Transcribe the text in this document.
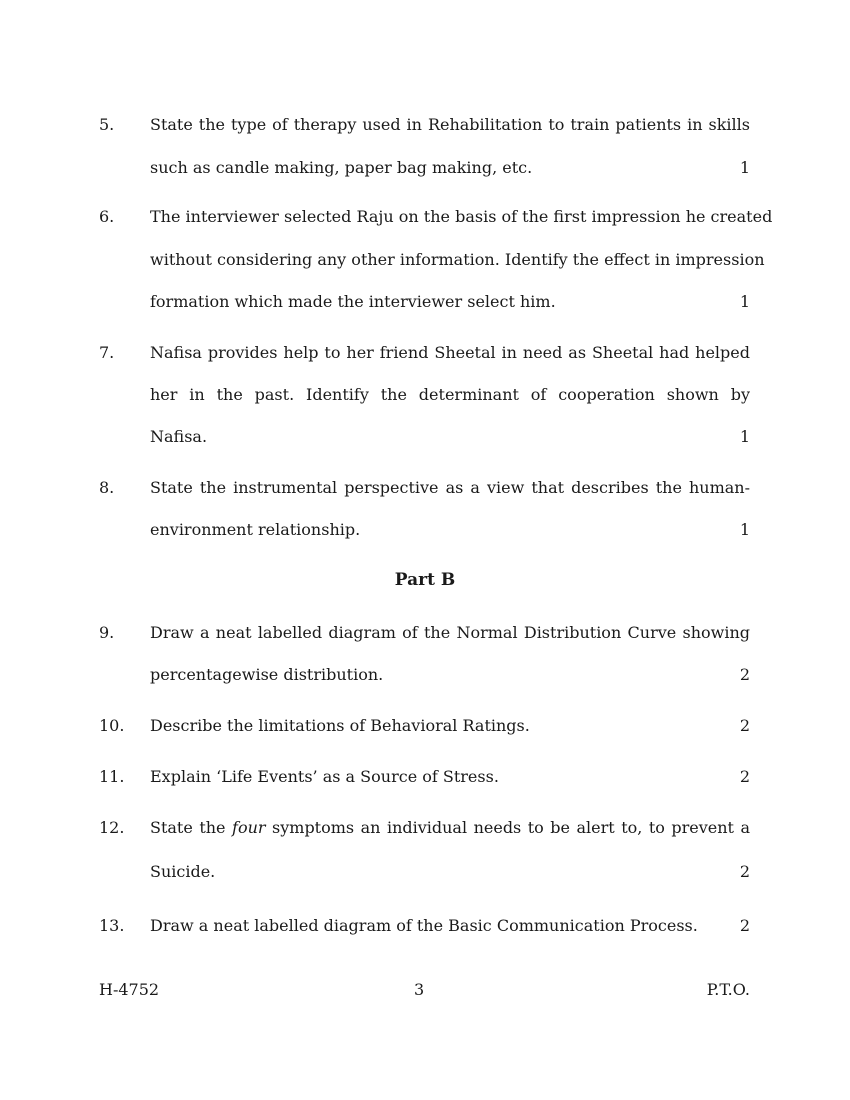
5. State the type of therapy used in Rehabilitation to train patients in skills
such as candle making, paper bag making, etc.	1
6. The interviewer selected Raju on the basis of the first impression he created
without considering any other information. Identify the effect in impression
formation which made the interviewer select him.	1
7. Nafisa provides help to her friend Sheetal in need as Sheetal had helped
her in the past. Identify the determinant of cooperation shown by
Nafisa.	1
8. State the instrumental perspective as a view that describes the human-
environment relationship.	1
Part B
9. Draw a neat labelled diagram of the Normal Distribution Curve showing
percentagewise distribution.	2
10. Describe the limitations of Behavioral Ratings.	2
11. Explain ‘Life Events’ as a Source of Stress.	2
12. State the four symptoms an individual needs to be alert to, to prevent a
Suicide.	2
13. Draw a neat labelled diagram of the Basic Communication Process.	2
H-4752	3	P.T.O.
